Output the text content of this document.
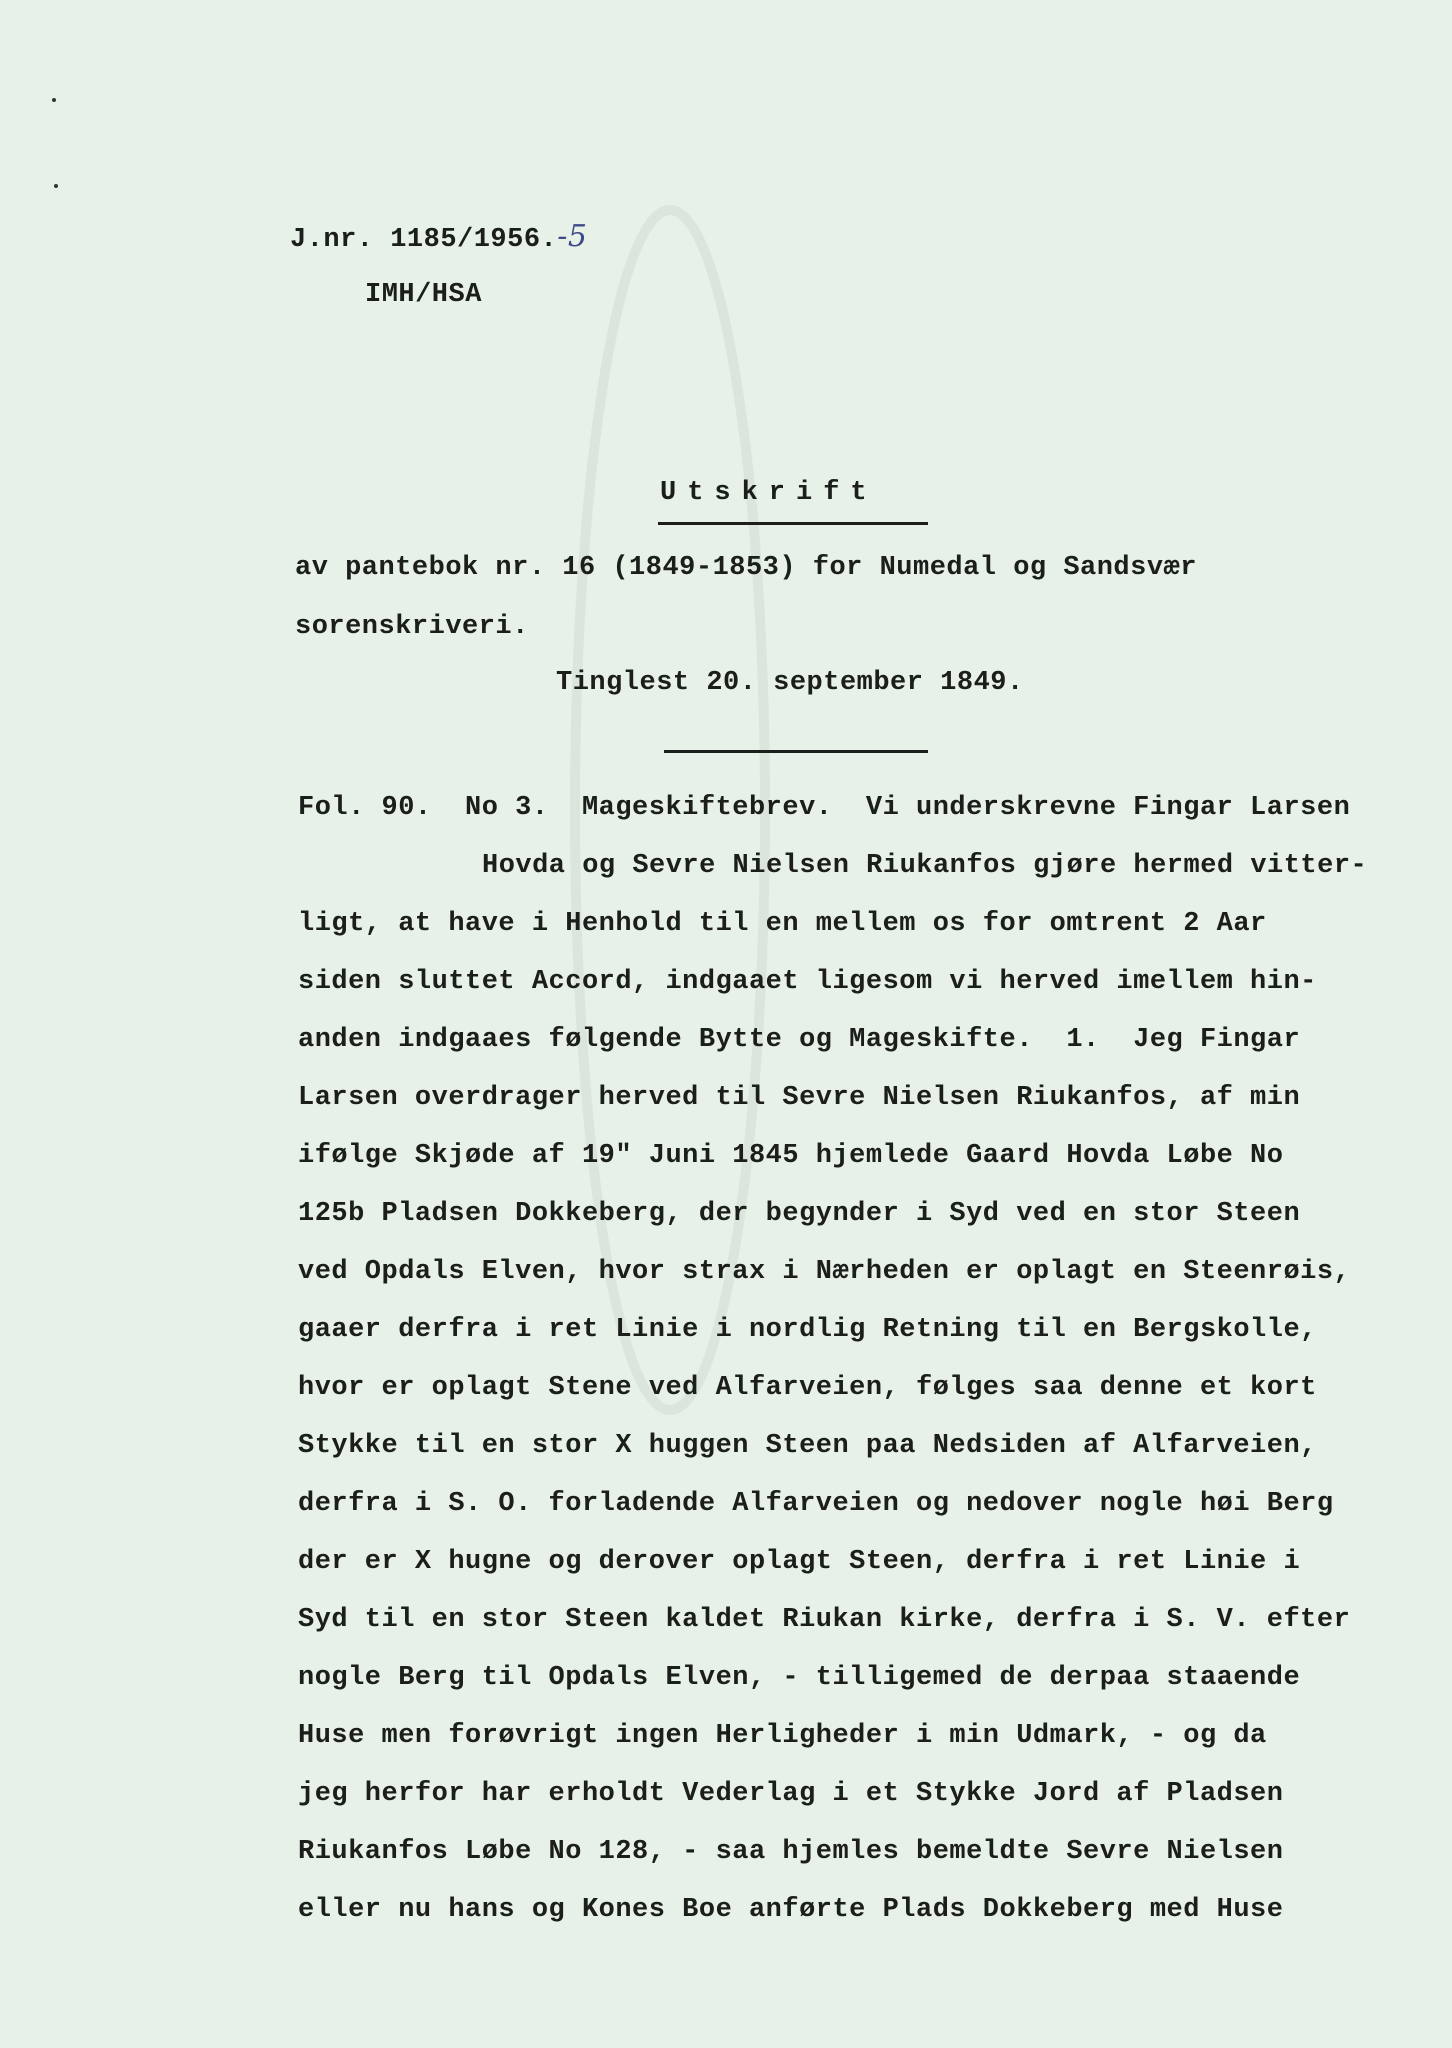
J.nr. 1185/1956.-5
IMH/HSA
Utskrift
av pantebok nr. 16 (1849-1853) for Numedal og Sandsvær
sorenskriveri.
Tinglest 20. september 1849.
Fol. 90.  No 3.  Mageskiftebrev.  Vi underskrevne Fingar Larsen
Hovda og Sevre Nielsen Riukanfos gjøre hermed vitter-
ligt, at have i Henhold til en mellem os for omtrent 2 Aar
siden sluttet Accord, indgaaet ligesom vi herved imellem hin-
anden indgaaes følgende Bytte og Mageskifte.  1.  Jeg Fingar
Larsen overdrager herved til Sevre Nielsen Riukanfos, af min
ifølge Skjøde af 19" Juni 1845 hjemlede Gaard Hovda Løbe No
125b Pladsen Dokkeberg, der begynder i Syd ved en stor Steen
ved Opdals Elven, hvor strax i Nærheden er oplagt en Steenrøis,
gaaer derfra i ret Linie i nordlig Retning til en Bergskolle,
hvor er oplagt Stene ved Alfarveien, følges saa denne et kort
Stykke til en stor X huggen Steen paa Nedsiden af Alfarveien,
derfra i S. O. forladende Alfarveien og nedover nogle høi Berg
der er X hugne og derover oplagt Steen, derfra i ret Linie i
Syd til en stor Steen kaldet Riukan kirke, derfra i S. V. efter
nogle Berg til Opdals Elven, - tilligemed de derpaa staaende
Huse men forøvrigt ingen Herligheder i min Udmark, - og da
jeg herfor har erholdt Vederlag i et Stykke Jord af Pladsen
Riukanfos Løbe No 128, - saa hjemles bemeldte Sevre Nielsen
eller nu hans og Kones Boe anførte Plads Dokkeberg med Huse
